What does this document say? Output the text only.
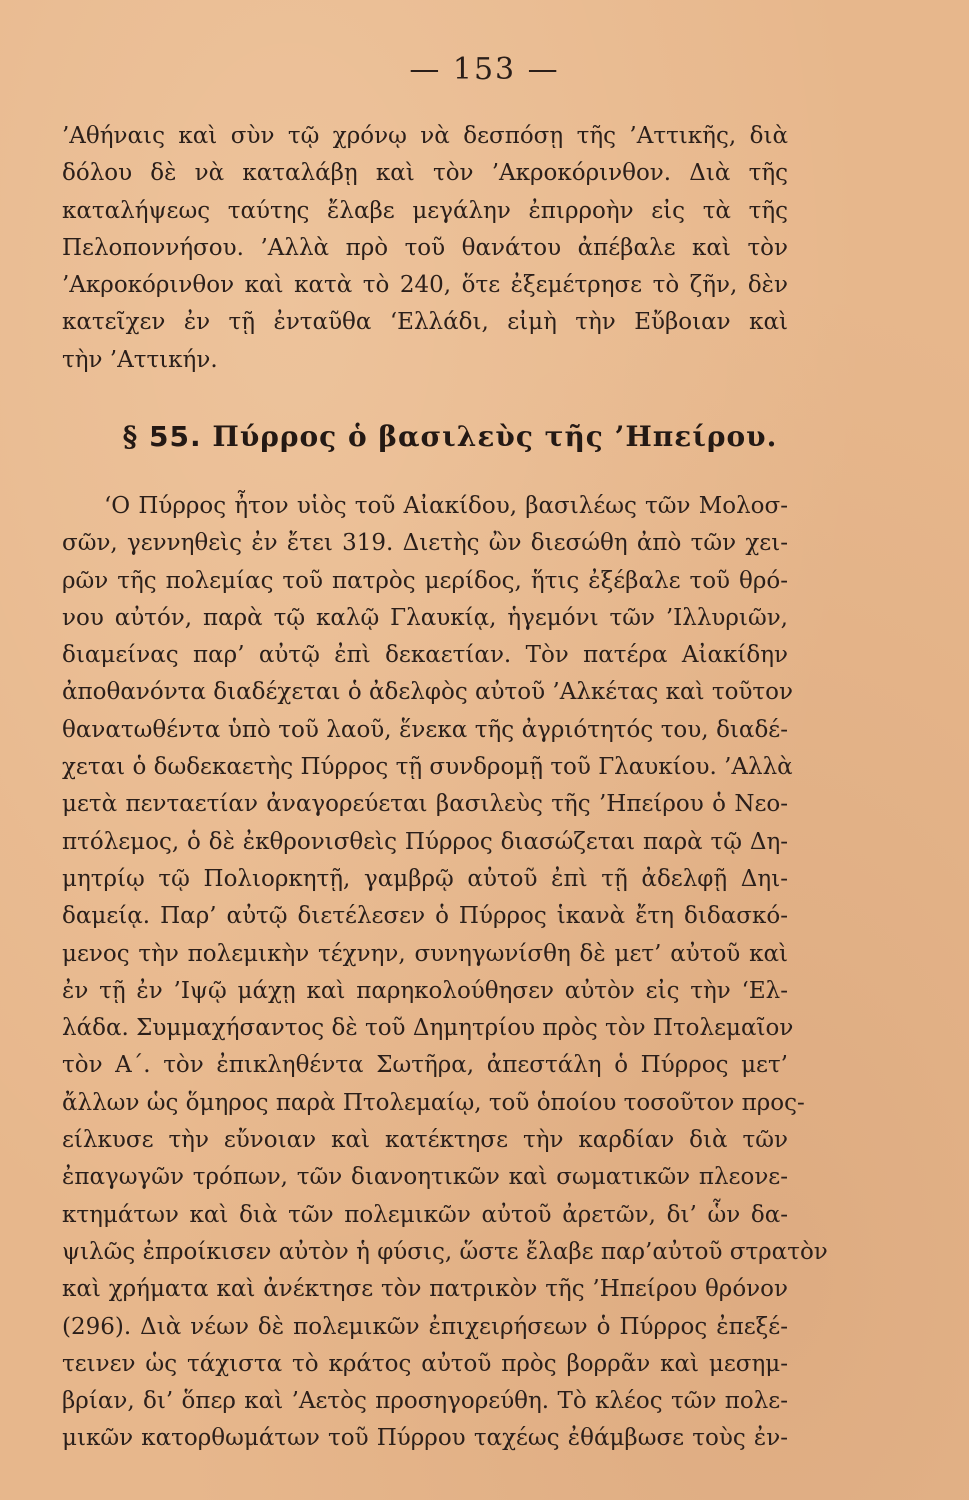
— 153 —
’Αθήναις καὶ σὺν τῷ χρόνῳ νὰ δεσπόσῃ τῆς ’Αττικῆς, διὰ
δόλου δὲ νὰ καταλάβῃ καὶ τὸν ’Ακροκόρινθον. Διὰ τῆς
καταλήψεως ταύτης ἔλαβε μεγάλην ἐπιρροὴν εἰς τὰ τῆς
Πελοποννήσου. ’Αλλὰ πρὸ τοῦ θανάτου ἀπέβαλε καὶ τὸν
’Ακροκόρινθον καὶ κατὰ τὸ 240, ὅτε ἐξεμέτρησε τὸ ζῆν, δὲν
κατεῖχεν ἐν τῇ ἐνταῦθα ‘Ελλάδι, εἰμὴ τὴν Εὔβοιαν καὶ
τὴν ’Αττικήν.
§ 55. Πύρρος ὁ βασιλεὺς τῆς ’Ηπείρου.
‘Ο Πύρρος ἦτον υἱὸς τοῦ Αἰακίδου, βασιλέως τῶν Μολοσ-
σῶν, γεννηθεὶς ἐν ἔτει 319. Διετὴς ὢν διεσώθη ἀπὸ τῶν χει-
ρῶν τῆς πολεμίας τοῦ πατρὸς μερίδος, ἥτις ἐξέβαλε τοῦ θρό-
νου αὐτόν, παρὰ τῷ καλῷ Γλαυκίᾳ, ἡγεμόνι τῶν ’Ιλλυριῶν,
διαμείνας παρ’ αὐτῷ ἐπὶ δεκαετίαν. Τὸν πατέρα Αἰακίδην
ἀποθανόντα διαδέχεται ὁ ἀδελφὸς αὐτοῦ ’Αλκέτας καὶ τοῦτον
θανατωθέντα ὑπὸ τοῦ λαοῦ, ἕνεκα τῆς ἀγριότητός του, διαδέ-
χεται ὁ δωδεκαετὴς Πύρρος τῇ συνδρομῇ τοῦ Γλαυκίου. ’Αλλὰ
μετὰ πενταετίαν ἀναγορεύεται βασιλεὺς τῆς ’Ηπείρου ὁ Νεο-
πτόλεμος, ὁ δὲ ἐκθρονισθεὶς Πύρρος διασώζεται παρὰ τῷ Δη-
μητρίῳ τῷ Πολιορκητῇ, γαμβρῷ αὐτοῦ ἐπὶ τῇ ἀδελφῇ Δηι-
δαμείᾳ. Παρ’ αὐτῷ διετέλεσεν ὁ Πύρρος ἱκανὰ ἔτη διδασκό-
μενος τὴν πολεμικὴν τέχνην, συνηγωνίσθη δὲ μετ’ αὐτοῦ καὶ
ἐν τῇ ἐν ’Ιψῷ μάχῃ καὶ παρηκολούθησεν αὐτὸν εἰς τὴν ‘Ελ-
λάδα. Συμμαχήσαντος δὲ τοῦ Δημητρίου πρὸς τὸν Πτολεμαῖον
τὸν Α΄. τὸν ἐπικληθέντα Σωτῆρα, ἀπεστάλη ὁ Πύρρος μετ’
ἄλλων ὡς ὅμηρος παρὰ Πτολεμαίῳ, τοῦ ὁποίου τοσοῦτον προς-
είλκυσε τὴν εὔνοιαν καὶ κατέκτησε τὴν καρδίαν διὰ τῶν
ἐπαγωγῶν τρόπων, τῶν διανοητικῶν καὶ σωματικῶν πλεονε-
κτημάτων καὶ διὰ τῶν πολεμικῶν αὐτοῦ ἀρετῶν, δι’ ὧν δα-
ψιλῶς ἐπροίκισεν αὐτὸν ἡ φύσις, ὥστε ἔλαβε παρ’αὐτοῦ στρατὸν
καὶ χρήματα καὶ ἀνέκτησε τὸν πατρικὸν τῆς ’Ηπείρου θρόνον
(296). Διὰ νέων δὲ πολεμικῶν ἐπιχειρήσεων ὁ Πύρρος ἐπεξέ-
τεινεν ὡς τάχιστα τὸ κράτος αὐτοῦ πρὸς βορρᾶν καὶ μεσημ-
βρίαν, δι’ ὅπερ καὶ ’Αετὸς προσηγορεύθη. Τὸ κλέος τῶν πολε-
μικῶν κατορθωμάτων τοῦ Πύρρου ταχέως ἐθάμβωσε τοὺς ἐν-
